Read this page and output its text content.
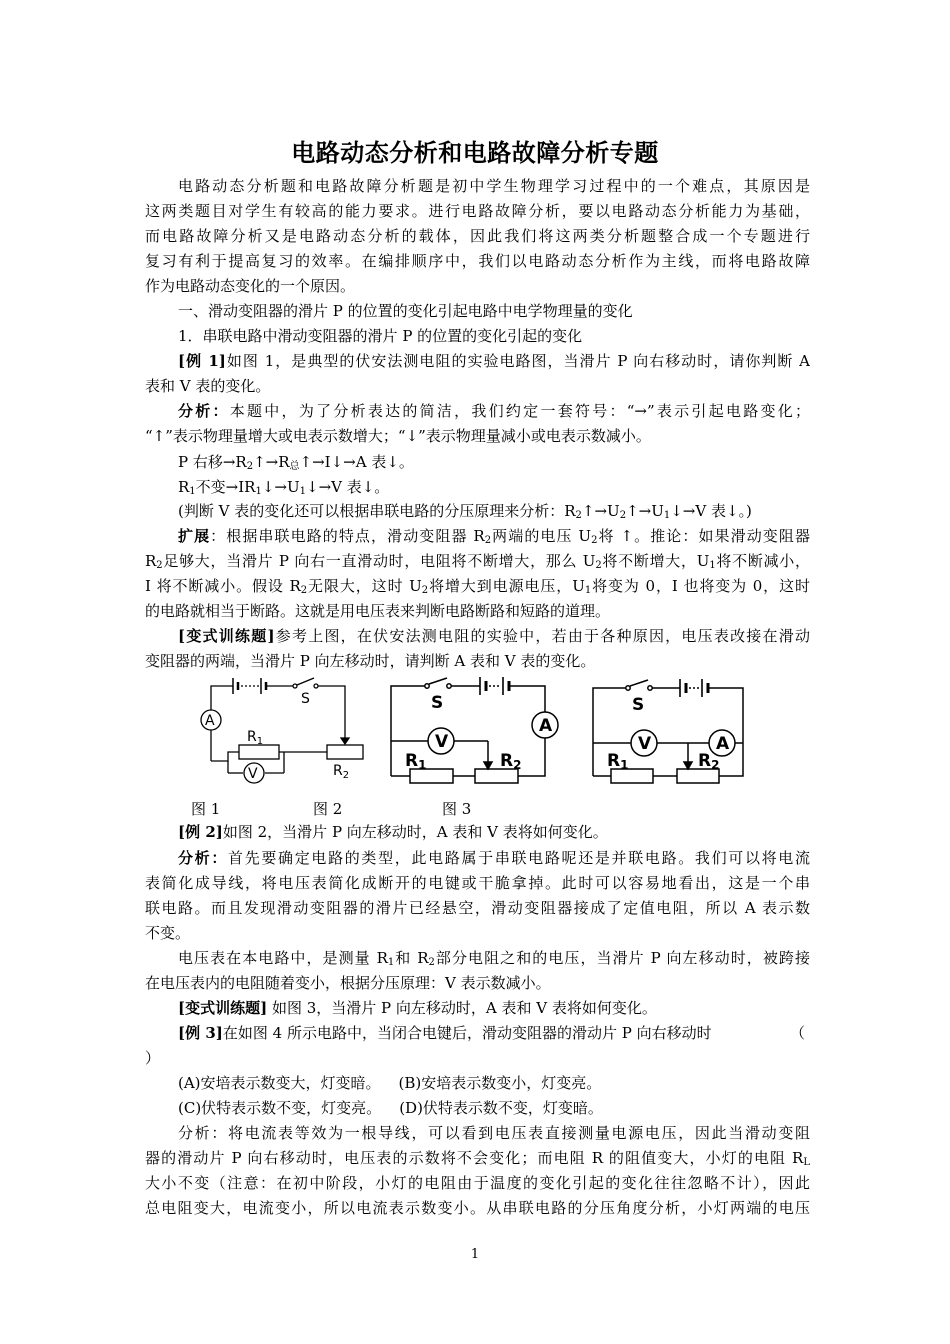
电路动态分析和电路故障分析专题
电路动态分析题和电路故障分析题是初中学生物理学习过程中的一个难点，其原因是
这两类题目对学生有较高的能力要求。进行电路故障分析，要以电路动态分析能力为基础，
而电路故障分析又是电路动态分析的载体，因此我们将这两类分析题整合成一个专题进行
复习有利于提高复习的效率。在编排顺序中，我们以电路动态分析作为主线，而将电路故障
作为电路动态变化的一个原因。
一、滑动变阻器的滑片 P 的位置的变化引起电路中电学物理量的变化
1．串联电路中滑动变阻器的滑片 P 的位置的变化引起的变化
[例 1]如图 1，是典型的伏安法测电阻的实验电路图，当滑片 P 向右移动时，请你判断 A
表和 V 表的变化。
分析：本题中，为了分析表达的简洁，我们约定一套符号：“→”表示引起电路变化；
“↑”表示物理量增大或电表示数增大；“↓”表示物理量减小或电表示数减小。
P 右移$\to R_2↑\to R_总↑\to I↓\to A$ 表↓。
$R_1$不变$\to IR_1↓\to U_1↓\to V$ 表↓。
(判断 V 表的变化还可以根据串联电路的分压原理来分析：$R_2↑\to U_2↑\to U_1↓\to V$ 表↓。)
扩展：根据串联电路的特点，滑动变阻器 $R_2$两端的电压 $U_2$将 ↑。推论：如果滑动变阻器
$R_2$足够大，当滑片 P 向右一直滑动时，电阻将不断增大，那么 $U_2$将不断增大，$U_1$将不断减小，
I 将不断减小。假设 $R_2$无限大，这时 $U_2$将增大到电源电压，$U_1$将变为 0，I 也将变为 0，这时
的电路就相当于断路。这就是用电压表来判断电路断路和短路的道理。
[变式训练题]参考上图，在伏安法测电阻的实验中，若由于各种原因，电压表改接在滑动
变阻器的两端，当滑片 P 向左移动时，请判断 A 表和 V 表的变化。
A
V
S
$R_1$
$R_2$
V
A
S
R1	R2
V	A
S
R1	R2
图 1	图 2	图 3
[例 2]如图 2，当滑片 P 向左移动时，A 表和 V 表将如何变化。
分析：首先要确定电路的类型，此电路属于串联电路呢还是并联电路。我们可以将电流
表简化成导线，将电压表简化成断开的电键或干脆拿掉。此时可以容易地看出，这是一个串
联电路。而且发现滑动变阻器的滑片已经悬空，滑动变阻器接成了定值电阻，所以 A 表示数
不变。
电压表在本电路中，是测量 $R_1$和 $R_2$部分电阻之和的电压，当滑片 P 向左移动时，被跨接
在电压表内的电阻随着变小，根据分压原理：V 表示数减小。
[变式训练题] 如图 3，当滑片 P 向左移动时，A 表和 V 表将如何变化。
[例 3]在如图 4 所示电路中，当闭合电键后，滑动变阻器的滑动片 P 向右移动时	（
）
(A)安培表示数变大，灯变暗。 (B)安培表示数变小，灯变亮。
(C)伏特表示数不变，灯变亮。 (D)伏特表示数不变，灯变暗。
分析：将电流表等效为一根导线，可以看到电压表直接测量电源电压，因此当滑动变阻
器的滑动片 P 向右移动时，电压表的示数将不会变化；而电阻 R 的阻值变大，小灯的电阻 $R_L$
大小不变（注意：在初中阶段，小灯的电阻由于温度的变化引起的变化往往忽略不计），因此
总电阻变大，电流变小，所以电流表示数变小。从串联电路的分压角度分析，小灯两端的电压
1
